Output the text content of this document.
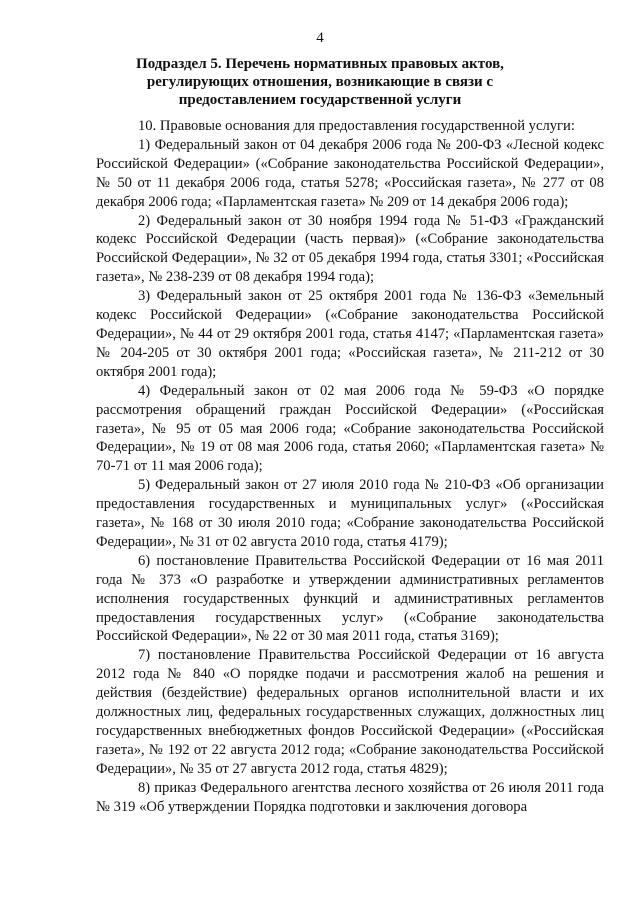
4
Подраздел 5. Перечень нормативных правовых актов, регулирующих отношения, возникающие в связи с предоставлением государственной услуги

10. Правовые основания для предоставления государственной услуги:

1) Федеральный закон от 04 декабря 2006 года № 200-ФЗ «Лесной кодекс Российской Федерации» («Собрание законодательства Российской Федерации», № 50 от 11 декабря 2006 года, статья 5278; «Российская газета», № 277 от 08 декабря 2006 года; «Парламентская газета» № 209 от 14 декабря 2006 года);

2) Федеральный закон от 30 ноября 1994 года № 51-ФЗ «Гражданский кодекс Российской Федерации (часть первая)» («Собрание законодательства Российской Федерации», № 32 от 05 декабря 1994 года, статья 3301; «Российская газета», № 238-239 от 08 декабря 1994 года);

3) Федеральный закон от 25 октября 2001 года № 136-ФЗ «Земельный кодекс Российской Федерации» («Собрание законодательства Российской Федерации», № 44 от 29 октября 2001 года, статья 4147; «Парламентская газета» № 204-205 от 30 октября 2001 года; «Российская газета», № 211-212 от 30 октября 2001 года);

4) Федеральный закон от 02 мая 2006 года № 59-ФЗ «О порядке рассмотрения обращений граждан Российской Федерации» («Российская газета», № 95 от 05 мая 2006 года; «Собрание законодательства Российской Федерации», № 19 от 08 мая 2006 года, статья 2060; «Парламентская газета» № 70-71 от 11 мая 2006 года);

5) Федеральный закон от 27 июля 2010 года № 210-ФЗ «Об организации предоставления государственных и муниципальных услуг» («Российская газета», № 168 от 30 июля 2010 года; «Собрание законодательства Российской Федерации», № 31 от 02 августа 2010 года, статья 4179);

6) постановление Правительства Российской Федерации от 16 мая 2011 года № 373 «О разработке и утверждении административных регламентов исполнения государственных функций и административных регламентов предоставления государственных услуг» («Собрание законодательства Российской Федерации», № 22 от 30 мая 2011 года, статья 3169);

7) постановление Правительства Российской Федерации от 16 августа 2012 года № 840 «О порядке подачи и рассмотрения жалоб на решения и действия (бездействие) федеральных органов исполнительной власти и их должностных лиц, федеральных государственных служащих, должностных лиц государственных внебюджетных фондов Российской Федерации» («Российская газета», № 192 от 22 августа 2012 года; «Собрание законодательства Российской Федерации», № 35 от 27 августа 2012 года, статья 4829);

8) приказ Федерального агентства лесного хозяйства от 26 июля 2011 года № 319 «Об утверждении Порядка подготовки и заключения договора
